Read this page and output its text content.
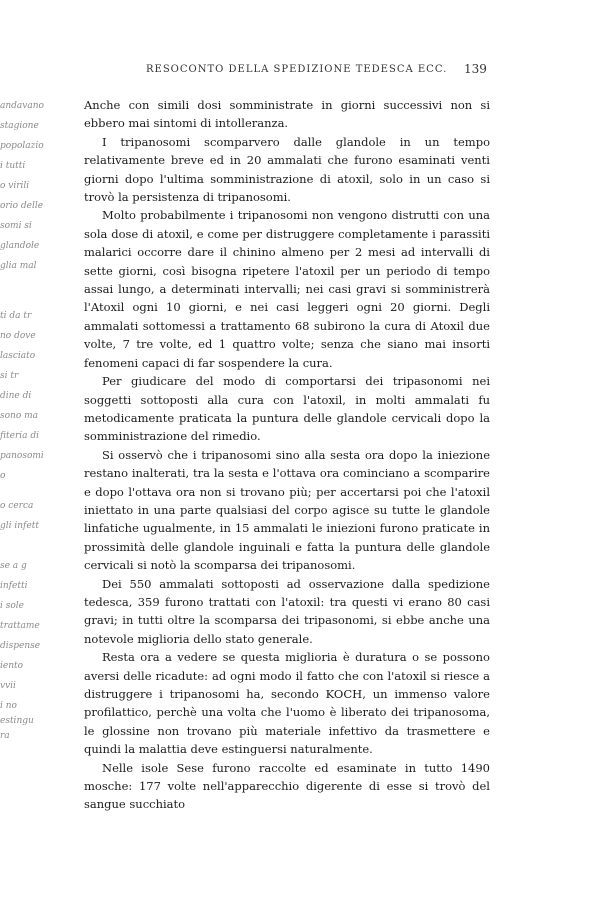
andavano
stagione
popolazio
i tutti
o virili
orio delle
somi si
glandole
glia mal
ti da tr
no dove
lasciato
si tr
dine di
sono ma
fiteria di
panosomi
o
o cerca
gli infett
se a g
infetti
i sole
trattame
dispense
iento
vvii
i no
estingu
ra
RESOCONTO DELLA SPEDIZIONE TEDESCA ECC.	139

Anche con simili dosi somministrate in giorni successivi non si ebbero mai sintomi di intolleranza.

I tripanosomi scomparvero dalle glandole in un tempo relativamente breve ed in 20 ammalati che furono esaminati venti giorni dopo l'ultima somministrazione di atoxil, solo in un caso si trovò la persistenza di tripanosomi.

Molto probabilmente i tripanosomi non vengono distrutti con una sola dose di atoxil, e come per distruggere completamente i parassiti malarici occorre dare il chinino almeno per 2 mesi ad intervalli di sette giorni, così bisogna ripetere l'atoxil per un periodo di tempo assai lungo, a determinati intervalli; nei casi gravi si somministrerà l'Atoxil ogni 10 giorni, e nei casi leggeri ogni 20 giorni. Degli ammalati sottomessi a trattamento 68 subirono la cura di Atoxil due volte, 7 tre volte, ed 1 quattro volte; senza che siano mai insorti fenomeni capaci di far sospendere la cura.

Per giudicare del modo di comportarsi dei tripasonomi nei soggetti sottoposti alla cura con l'atoxil, in molti ammalati fu metodicamente praticata la puntura delle glandole cervicali dopo la somministrazione del rimedio.

Si osservò che i tripanosomi sino alla sesta ora dopo la iniezione restano inalterati, tra la sesta e l'ottava ora cominciano a scomparire e dopo l'ottava ora non si trovano più; per accertarsi poi che l'atoxil iniettato in una parte qualsiasi del corpo agisce su tutte le glandole linfatiche ugualmente, in 15 ammalati le iniezioni furono praticate in prossimità delle glandole inguinali e fatta la puntura delle glandole cervicali si notò la scomparsa dei tripanosomi.

Dei 550 ammalati sottoposti ad osservazione dalla spedizione tedesca, 359 furono trattati con l'atoxil: tra questi vi erano 80 casi gravi; in tutti oltre la scomparsa dei tripasonomi, si ebbe anche una notevole miglioria dello stato generale.

Resta ora a vedere se questa miglioria è duratura o se possono aversi delle ricadute: ad ogni modo il fatto che con l'atoxil si riesce a distruggere i tripanosomi ha, secondo KOCH, un immenso valore profilattico, perchè una volta che l'uomo è liberato dei tripanosoma, le glossine non trovano più materiale infettivo da trasmettere e quindi la malattia deve estinguersi naturalmente.

Nelle isole Sese furono raccolte ed esaminate in tutto 1490 mosche: 177 volte nell'apparecchio digerente di esse si trovò del sangue succhiato
